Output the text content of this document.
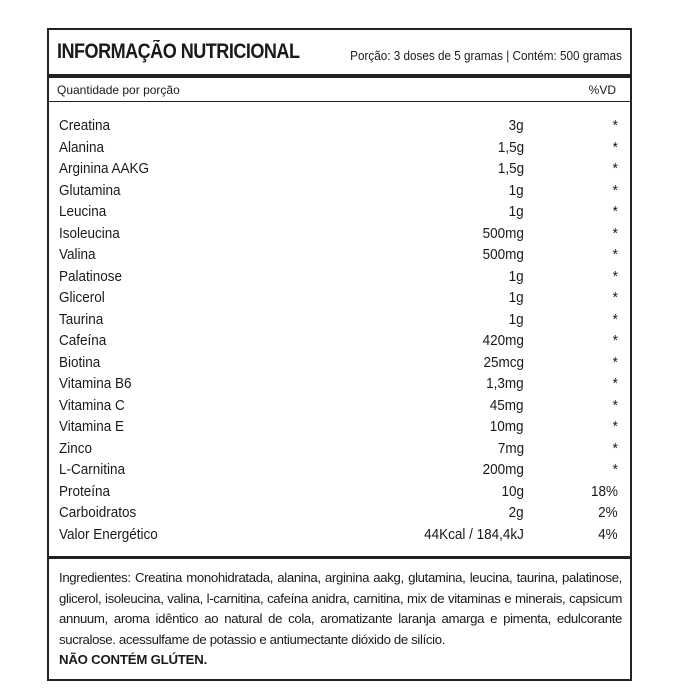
INFORMAÇÃO NUTRICIONAL	Porção: 3 doses de 5 gramas | Contém: 500 gramas
Quantidade por porção	%VD
Creatina	3g	*
Alanina	1,5g	*
Arginina AAKG	1,5g	*
Glutamina	1g	*
Leucina	1g	*
Isoleucina	500mg	*
Valina	500mg	*
Palatinose	1g	*
Glicerol	1g	*
Taurina	1g	*
Cafeína	420mg	*
Biotina	25mcg	*
Vitamina B6	1,3mg	*
Vitamina C	45mg	*
Vitamina E	10mg	*
Zinco	7mg	*
L-Carnitina	200mg	*
Proteína	10g	18%
Carboidratos	2g	2%
Valor Energético	44Kcal / 184,4kJ	4%

Ingredientes: Creatina monohidratada, alanina, arginina aakg, glutamina, leucina, taurina, palatinose, glicerol, isoleucina, valina, l-carnitina, cafeína anidra, carnitina, mix de vitaminas e minerais, capsicum annuum, aroma idêntico ao natural de cola, aromatizante laranja amarga e pimenta, edulcorante sucralose. acessulfame de potassio e antiumectante dióxido de silício.

NÃO CONTÉM GLÚTEN.
